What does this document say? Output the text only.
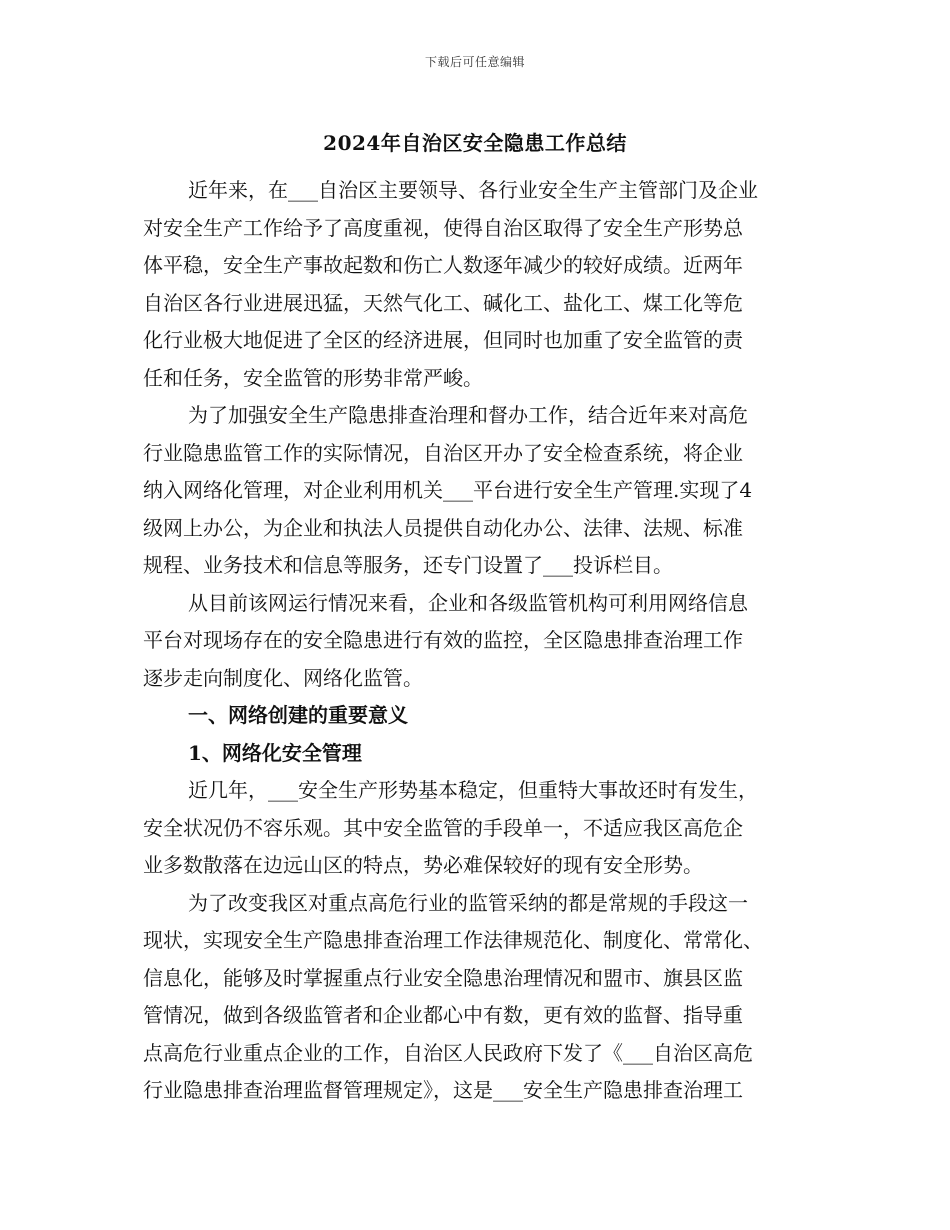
下载后可任意编辑
2024年自治区安全隐患工作总结
近年来，在___自治区主要领导、各行业安全生产主管部门及企业
对安全生产工作给予了高度重视，使得自治区取得了安全生产形势总
体平稳，安全生产事故起数和伤亡人数逐年减少的较好成绩。近两年
自治区各行业进展迅猛，天然气化工、碱化工、盐化工、煤工化等危
化行业极大地促进了全区的经济进展，但同时也加重了安全监管的责
任和任务，安全监管的形势非常严峻。
为了加强安全生产隐患排查治理和督办工作，结合近年来对高危
行业隐患监管工作的实际情况，自治区开办了安全检查系统，将企业
纳入网络化管理，对企业利用机关___平台进行安全生产管理.实现了4
级网上办公，为企业和执法人员提供自动化办公、法律、法规、标准
规程、业务技术和信息等服务，还专门设置了___投诉栏目。
从目前该网运行情况来看，企业和各级监管机构可利用网络信息
平台对现场存在的安全隐患进行有效的监控，全区隐患排查治理工作
逐步走向制度化、网络化监管。
一、网络创建的重要意义
1、网络化安全管理
近几年，___安全生产形势基本稳定，但重特大事故还时有发生，
安全状况仍不容乐观。其中安全监管的手段单一，不适应我区高危企
业多数散落在边远山区的特点，势必难保较好的现有安全形势。
为了改变我区对重点高危行业的监管采纳的都是常规的手段这一
现状，实现安全生产隐患排查治理工作法律规范化、制度化、常常化、
信息化，能够及时掌握重点行业安全隐患治理情况和盟市、旗县区监
管情况，做到各级监管者和企业都心中有数，更有效的监督、指导重
点高危行业重点企业的工作，自治区人民政府下发了《___自治区高危
行业隐患排查治理监督管理规定》，这是___安全生产隐患排查治理工
